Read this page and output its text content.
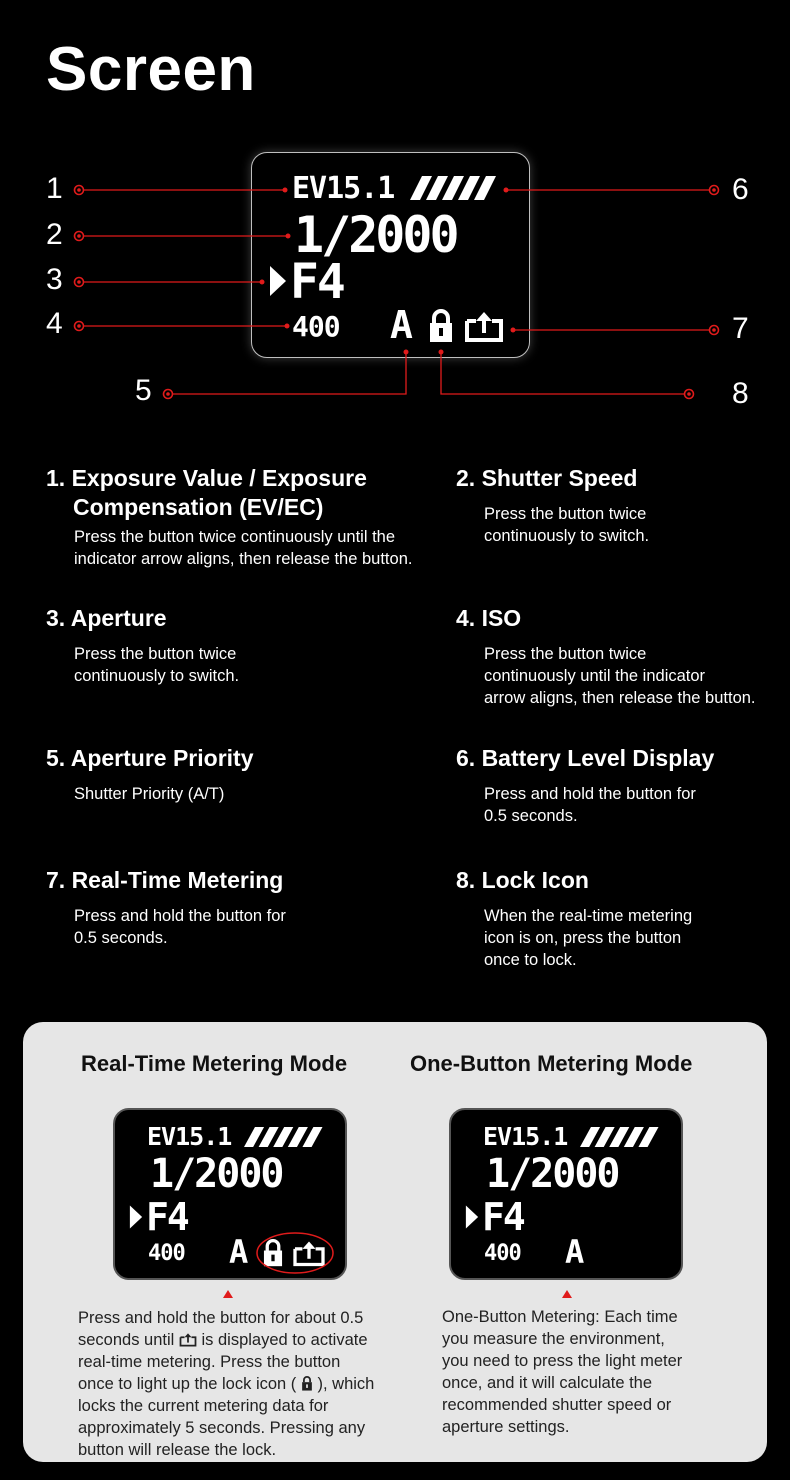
Screen
EV15.1
1/2000
F4
400 A
1
2
3
4
5
6
7
8
1. Exposure Value / Exposure
Compensation (EV/EC)
Press the button twice continuously until the
indicator arrow aligns, then release the button.
2. Shutter Speed
Press the button twice
continuously to switch.
3. Aperture
Press the button twice
continuously to switch.
4. ISO
Press the button twice
continuously until the indicator
arrow aligns, then release the button.
5. Aperture Priority
Shutter Priority (A/T)
6. Battery Level Display
Press and hold the button for
0.5 seconds.
7. Real-Time Metering
Press and hold the button for
0.5 seconds.
8. Lock Icon
When the real-time metering
icon is on, press the button
once to lock.
Real-Time Metering Mode	One-Button Metering Mode
EV15.1
1/2000
F4
400 A
EV15.1
1/2000
F4
400 A
Press and hold the button for about 0.5
seconds until is displayed to activate
real-time metering. Press the button
once to light up the lock icon ( ), which
locks the current metering data for
approximately 5 seconds. Pressing any
button will release the lock.
One-Button Metering: Each time
you measure the environment,
you need to press the light meter
once, and it will calculate the
recommended shutter speed or
aperture settings.
